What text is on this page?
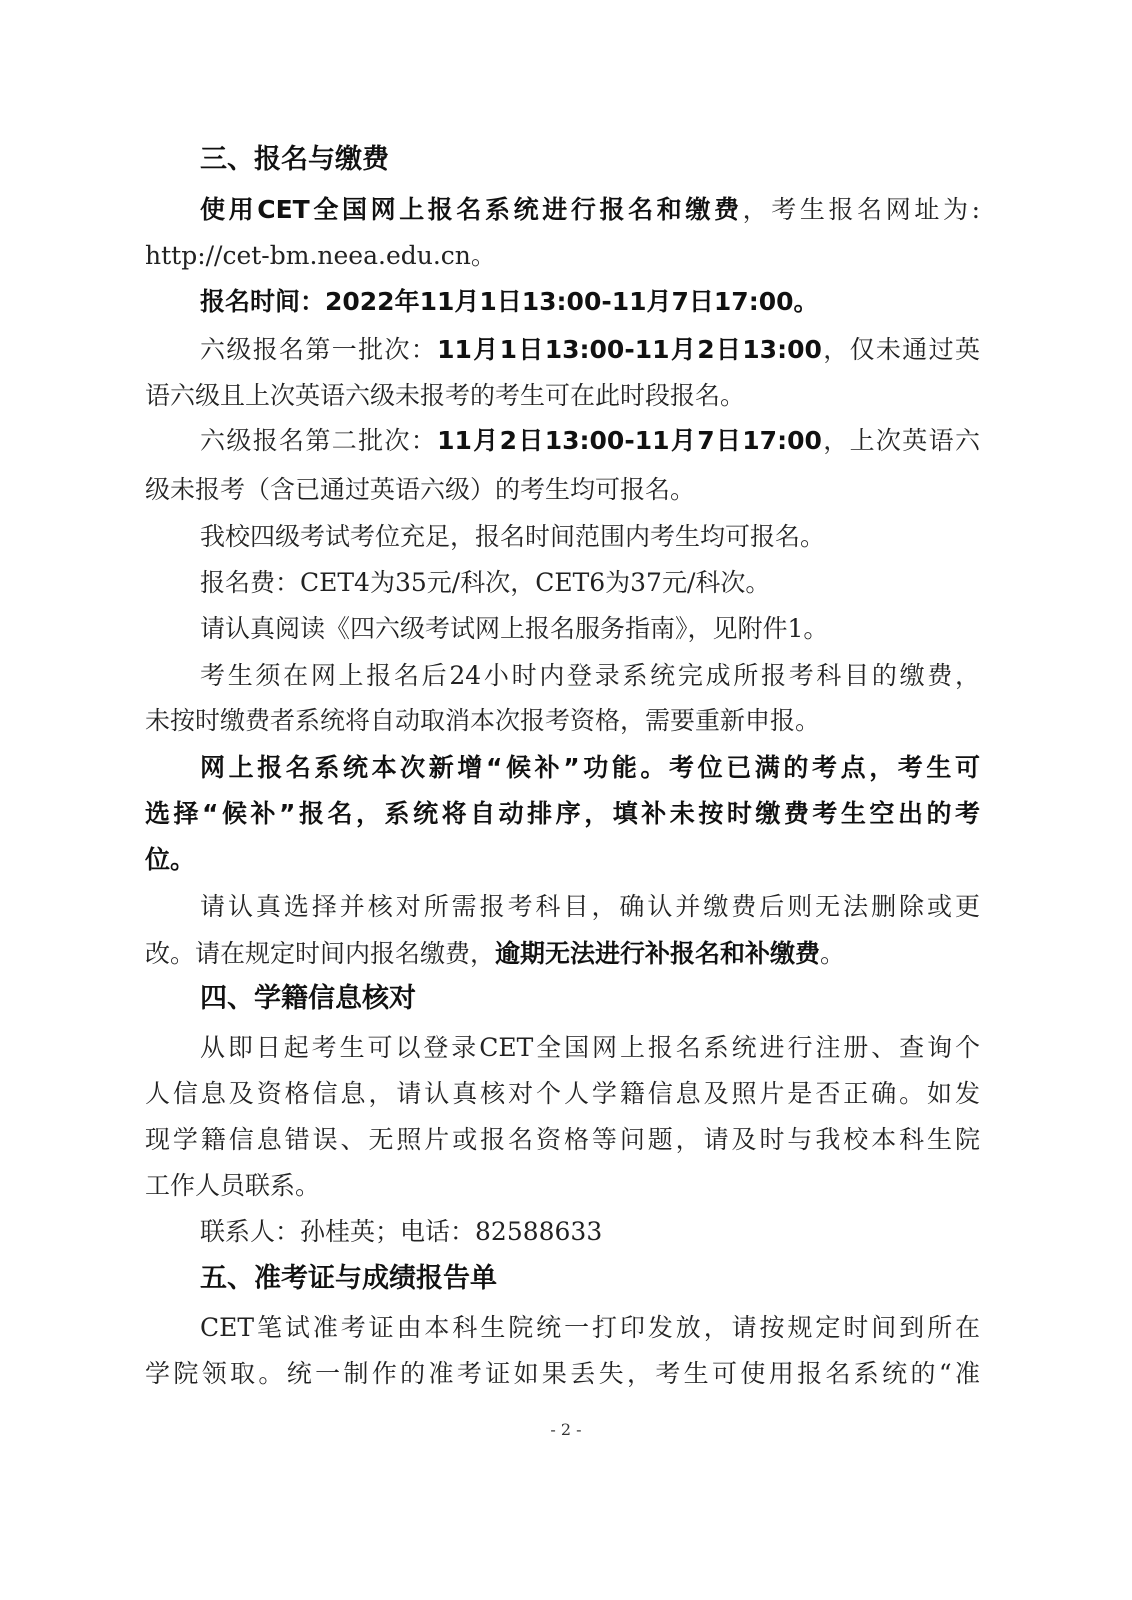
三、报名与缴费
使用CET全国网上报名系统进行报名和缴费，考生报名网址为:
http://cet-bm.neea.edu.cn。
报名时间：2022年11月1日13:00-11月7日17:00。
六级报名第一批次：11月1日13:00-11月2日13:00，仅未通过英
语六级且上次英语六级未报考的考生可在此时段报名。
六级报名第二批次：11月2日13:00-11月7日17:00，上次英语六
级未报考（含已通过英语六级）的考生均可报名。
我校四级考试考位充足，报名时间范围内考生均可报名。
报名费：CET4为35元/科次，CET6为37元/科次。
请认真阅读《四六级考试网上报名服务指南》，见附件1。
考生须在网上报名后24小时内登录系统完成所报考科目的缴费，
未按时缴费者系统将自动取消本次报考资格，需要重新申报。
网上报名系统本次新增“候补”功能。考位已满的考点，考生可
选择“候补”报名，系统将自动排序，填补未按时缴费考生空出的考
位。
请认真选择并核对所需报考科目，确认并缴费后则无法删除或更
改。请在规定时间内报名缴费，逾期无法进行补报名和补缴费。
四、学籍信息核对
从即日起考生可以登录CET全国网上报名系统进行注册、查询个
人信息及资格信息，请认真核对个人学籍信息及照片是否正确。如发
现学籍信息错误、无照片或报名资格等问题，请及时与我校本科生院
工作人员联系。
联系人：孙桂英；电话：82588633
五、准考证与成绩报告单
CET笔试准考证由本科生院统一打印发放，请按规定时间到所在
学院领取。统一制作的准考证如果丢失，考生可使用报名系统的“准
- 2 -
